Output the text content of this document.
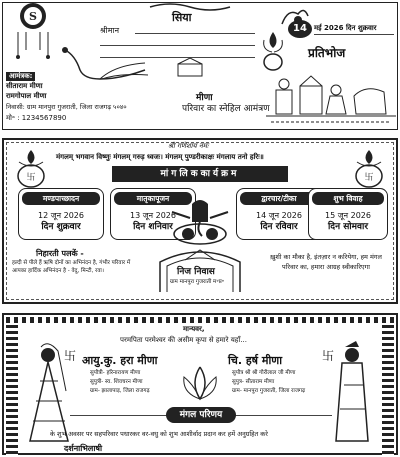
S	सिया
श्रीमान
मीणा
परिवार का स्नेहिल आमंत्रण
आमंत्रक:
सीताराम मीणा
रामगोपाल मीणा
निवासी: ग्राम मानपुरा गुजराती, जिला राजगढ़ ५०४०
मो॰ : 1234567890
14	मई 2026 दिन शुक्रवार
प्रतिभोज
श्री गणेशाय नमः
मंगलम् भगवान विष्णुः मंगलम् गरुड़ ध्वजः। मंगलम् पुण्डरीकाक्षः मंगलाय तनो हरिः॥
卐	卐
मांगलिककार्यक्रम
मण्डपाच्छादन
12 जून 2026
दिन शुक्रवार
मातृकापूजन
13 जून 2026
दिन शनिवार
द्वारचार/टीका
14 जून 2026
दिन रविवार
शुभ विवाह
15 जून 2026
दिन सोमवार
निहारती पलकें -
हल्दी से पीले हैं ऋषि दोनों का अभिनंदन है, गंभीर परिवार में आपका हार्दिक अभिनंदन है - वेदु, मिन्टी, रवा।	निज निवास
ग्राम मानपुरा गुजराती म॰प्र॰
ख़ुशी का मौका है, इंतज़ार न करियेगा, हम मंगल परिवार का, हमारा आग्रह स्वीकारिएगा
मान्यवर,
परमपिता परमेश्वर की असीम कृपा से हमारे यहाँ...
卐	卐
आयु.कु. हरा मीणा	चि. हर्ष मीणा
सुपौत्री- हरिनारायण मीणा
सुपुत्री- स्व. शिवचरन मीणा
ग्राम- झालापाड़, जिला राजगढ़
सुपौत्र श्री श्री गौरीलाल जी मीणा
सुपुत्र- सीताराम मीणा
ग्राम- मानपुरा गुजराती, जिला राजगढ़
मंगल परिणय
के शुभ अवसर पर सहपरिवार पधारकर वर-वधु को शुभ आशीर्वाद प्रदान कर हमें अनुग्रहित करे
दर्शनाभिलाषी
